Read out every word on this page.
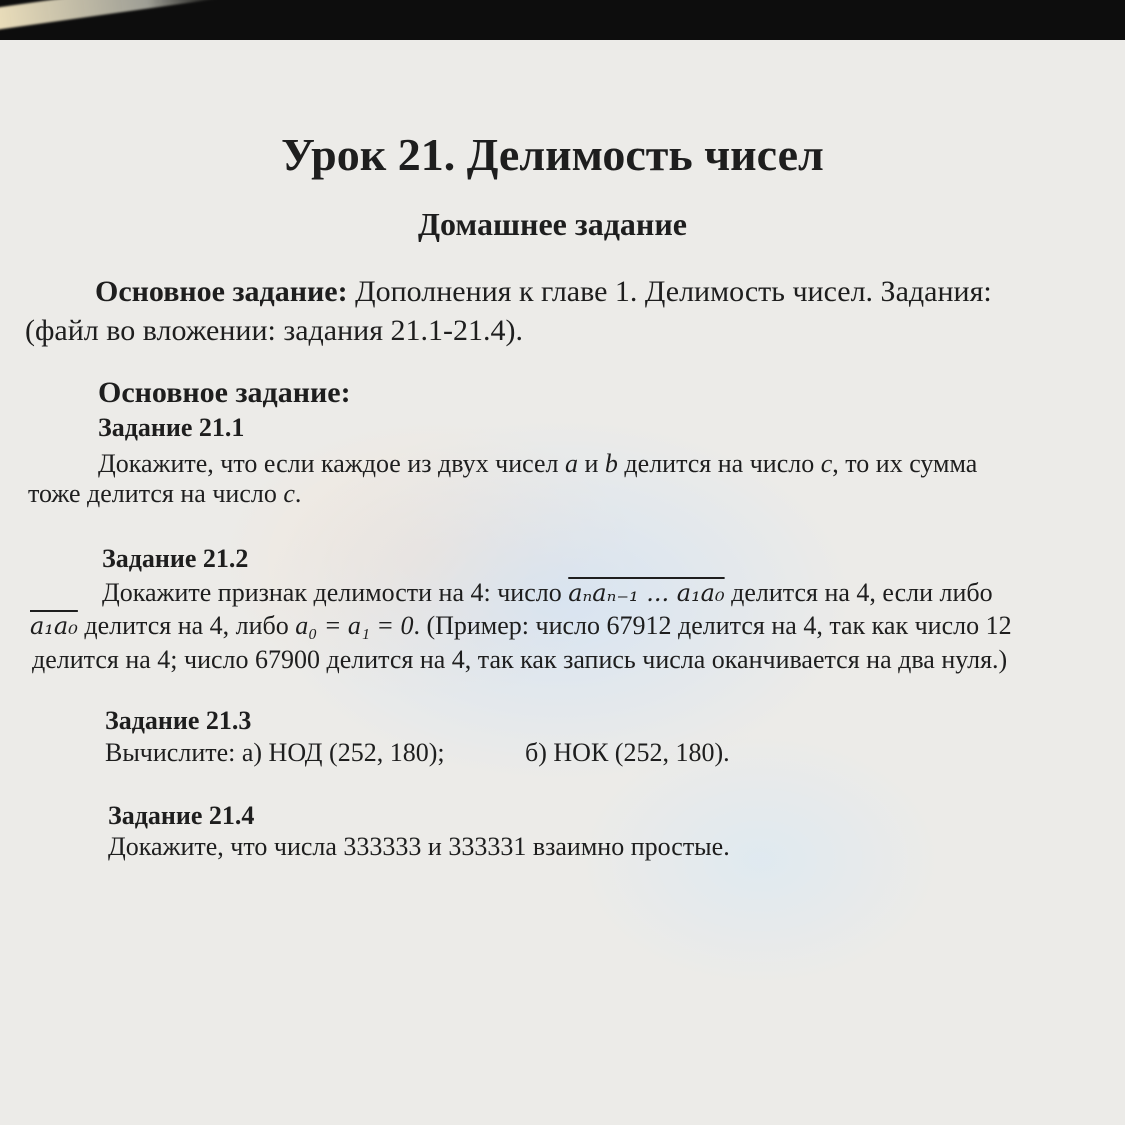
Урок 21. Делимость чисел
Домашнее задание
Основное задание: Дополнения к главе 1. Делимость чисел. Задания:
(файл во вложении: задания 21.1-21.4).
Основное задание:
Задание 21.1
Докажите, что если каждое из двух чисел a и b делится на число c, то их сумма
тоже делится на число c.
Задание 21.2
Докажите признак делимости на 4: число aₙaₙ₋₁ ... a₁a₀ делится на 4, если либо
a₁a₀ делится на 4, либо a₀ = a₁ = 0. (Пример: число 67912 делится на 4, так как число 12
делится на 4; число 67900 делится на 4, так как запись числа оканчивается на два нуля.)
Задание 21.3
Вычислите: а) НОД (252, 180);	б) НОК (252, 180).
Задание 21.4
Докажите, что числа 333333 и 333331 взаимно простые.
